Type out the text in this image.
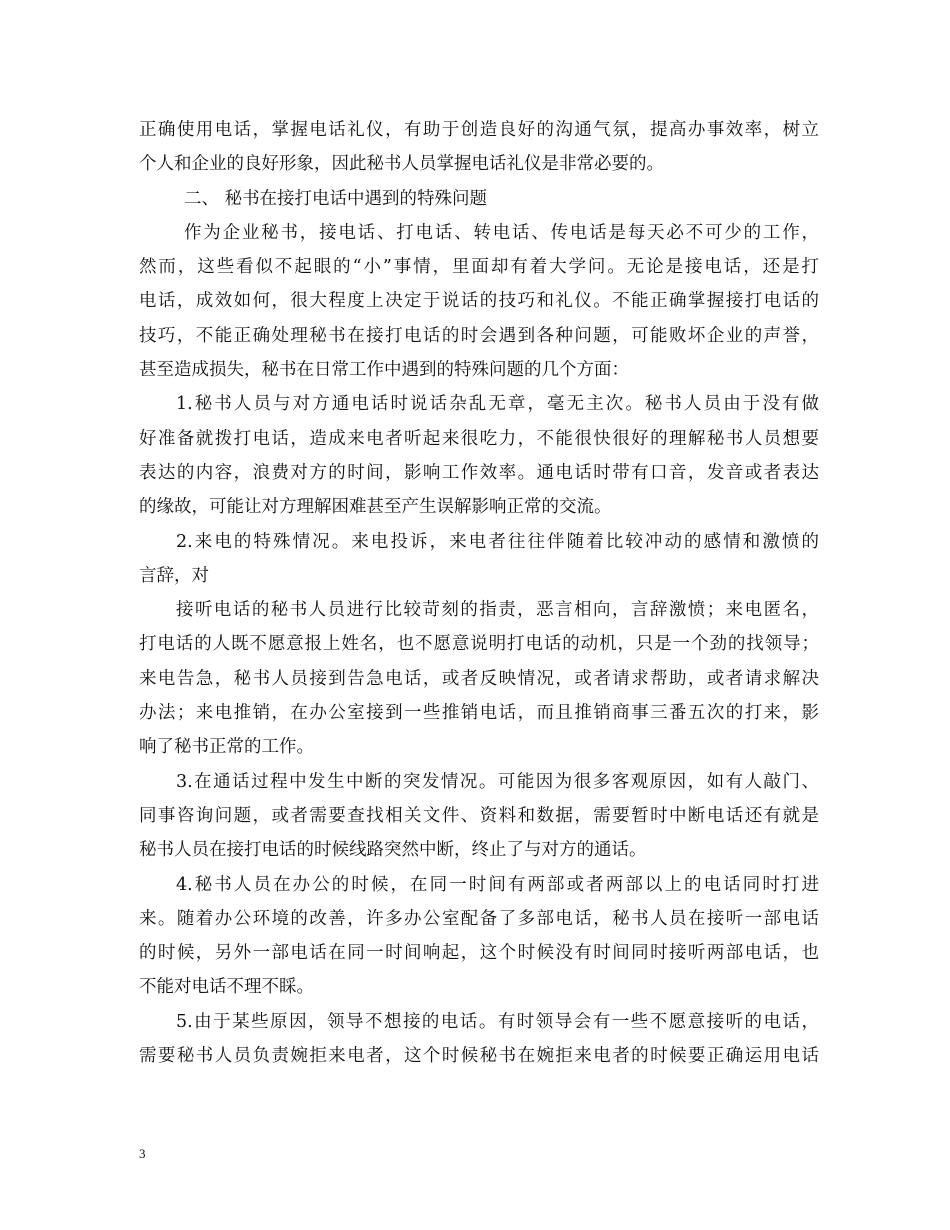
正确使用电话，掌握电话礼仪，有助于创造良好的沟通气氛，提高办事效率，树立
个人和企业的良好形象，因此秘书人员掌握电话礼仪是非常必要的。
二、 秘书在接打电话中遇到的特殊问题
作为企业秘书，接电话、打电话、转电话、传电话是每天必不可少的工作，
然而，这些看似不起眼的“小”事情，里面却有着大学问。无论是接电话，还是打
电话，成效如何，很大程度上决定于说话的技巧和礼仪。不能正确掌握接打电话的
技巧，不能正确处理秘书在接打电话的时会遇到各种问题，可能败坏企业的声誉，
甚至造成损失，秘书在日常工作中遇到的特殊问题的几个方面：
1.秘书人员与对方通电话时说话杂乱无章，毫无主次。秘书人员由于没有做
好准备就拨打电话，造成来电者听起来很吃力，不能很快很好的理解秘书人员想要
表达的内容，浪费对方的时间，影响工作效率。通电话时带有口音，发音或者表达
的缘故，可能让对方理解困难甚至产生误解影响正常的交流。
2.来电的特殊情况。来电投诉，来电者往往伴随着比较冲动的感情和激愤的
言辞，对
接听电话的秘书人员进行比较苛刻的指责，恶言相向，言辞激愤；来电匿名，
打电话的人既不愿意报上姓名，也不愿意说明打电话的动机，只是一个劲的找领导；
来电告急，秘书人员接到告急电话，或者反映情况，或者请求帮助，或者请求解决
办法；来电推销，在办公室接到一些推销电话，而且推销商事三番五次的打来，影
响了秘书正常的工作。
3.在通话过程中发生中断的突发情况。可能因为很多客观原因，如有人敲门、
同事咨询问题，或者需要查找相关文件、资料和数据，需要暂时中断电话还有就是
秘书人员在接打电话的时候线路突然中断，终止了与对方的通话。
4.秘书人员在办公的时候，在同一时间有两部或者两部以上的电话同时打进
来。随着办公环境的改善，许多办公室配备了多部电话，秘书人员在接听一部电话
的时候，另外一部电话在同一时间响起，这个时候没有时间同时接听两部电话，也
不能对电话不理不睬。
5.由于某些原因，领导不想接的电话。有时领导会有一些不愿意接听的电话，
需要秘书人员负责婉拒来电者，这个时候秘书在婉拒来电者的时候要正确运用电话
3
